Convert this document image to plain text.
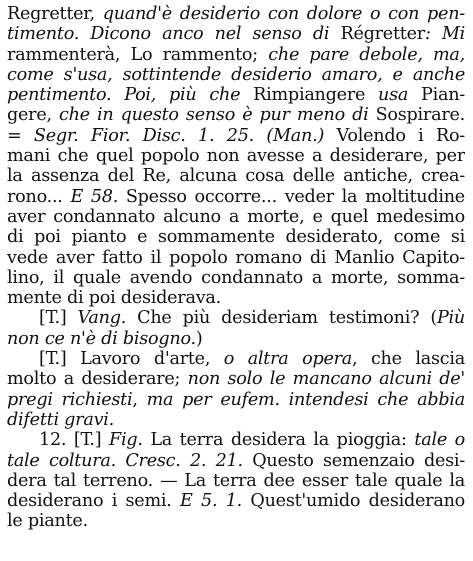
Regretter, quand'è desiderio con dolore o con pen-
timento. Dicono anco nel senso di Régretter: Mi
rammenterà, Lo rammento; che pare debole, ma,
come s'usa, sottintende desiderio amaro, e anche
pentimento. Poi, più che Rimpiangere usa Pian-
gere, che in questo senso è pur meno di Sospirare.
= Segr. Fior. Disc. 1. 25. (Man.) Volendo i Ro-
mani che quel popolo non avesse a desiderare, per
la assenza del Re, alcuna cosa delle antiche, crea-
rono... E 58. Spesso occorre... veder la moltitudine
aver condannato alcuno a morte, e quel medesimo
di poi pianto e sommamente desiderato, come si
vede aver fatto il popolo romano di Manlio Capito-
lino, il quale avendo condannato a morte, somma-
mente di poi desiderava.
[T.] Vang. Che più desideriam testimoni? (Più
non ce n'è di bisogno.)
[T.] Lavoro d'arte, o altra opera, che lascia
molto a desiderare; non solo le mancano alcuni de'
pregi richiesti, ma per eufem. intendesi che abbia
difetti gravi.
12. [T.] Fig. La terra desidera la pioggia: tale o
tale coltura. Cresc. 2. 21. Questo semenzaio desi-
dera tal terreno. — La terra dee esser tale quale la
desiderano i semi. E 5. 1. Quest'umido desiderano
le piante.
